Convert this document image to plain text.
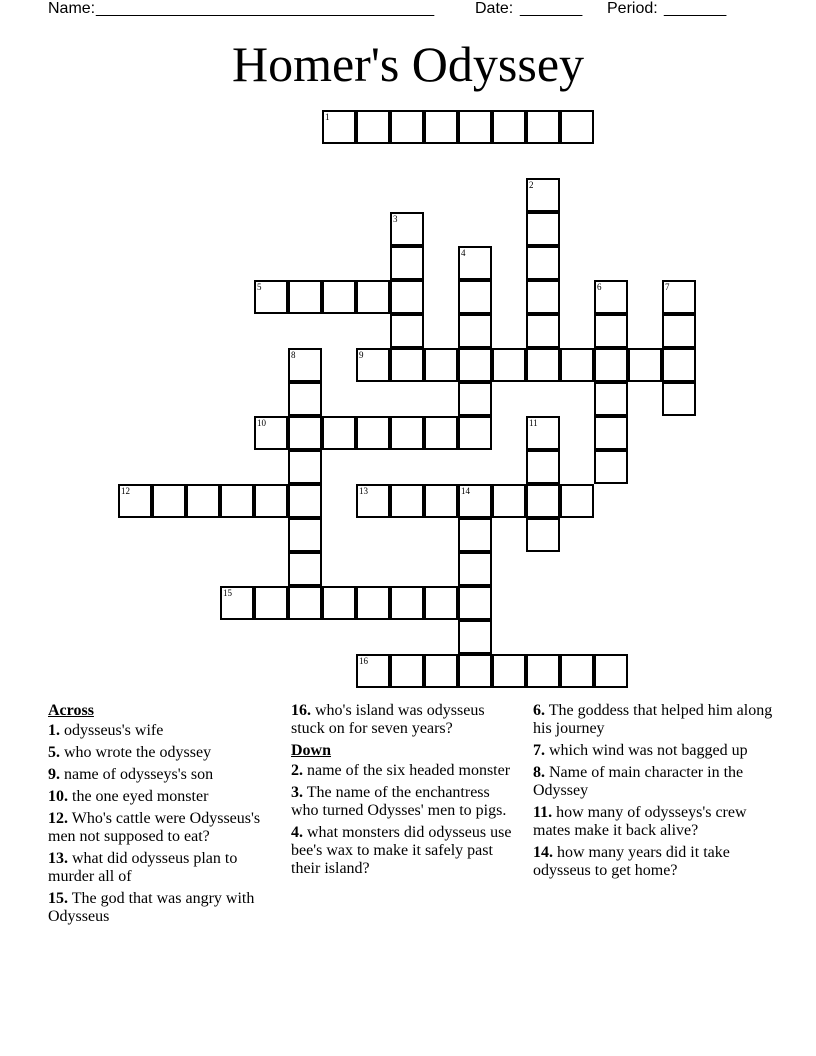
Name:

______________________________________

	Date:

_______

Period:

_______

Homer's Odyssey
1
2
3
4
5	6	7
8	9
10	11
12	13	14
15
16
Across
1. odysseus's wife
5. who wrote the odyssey
9. name of odysseys's son
10. the one eyed monster
12. Who's cattle were Odysseus's men not supposed to eat?
13. what did odysseus plan to murder all of
15. The god that was angry with Odysseus
16. who's island was odysseus stuck on for seven years?
Down
2. name of the six headed monster
3. The name of the enchantress who turned Odysses' men to pigs.
4. what monsters did odysseus use bee's wax to make it safely past their island?
6. The goddess that helped him along his journey
7. which wind was not bagged up
8. Name of main character in the Odyssey
11. how many of odysseys's crew mates make it back alive?
14. how many years did it take odysseus to get home?
